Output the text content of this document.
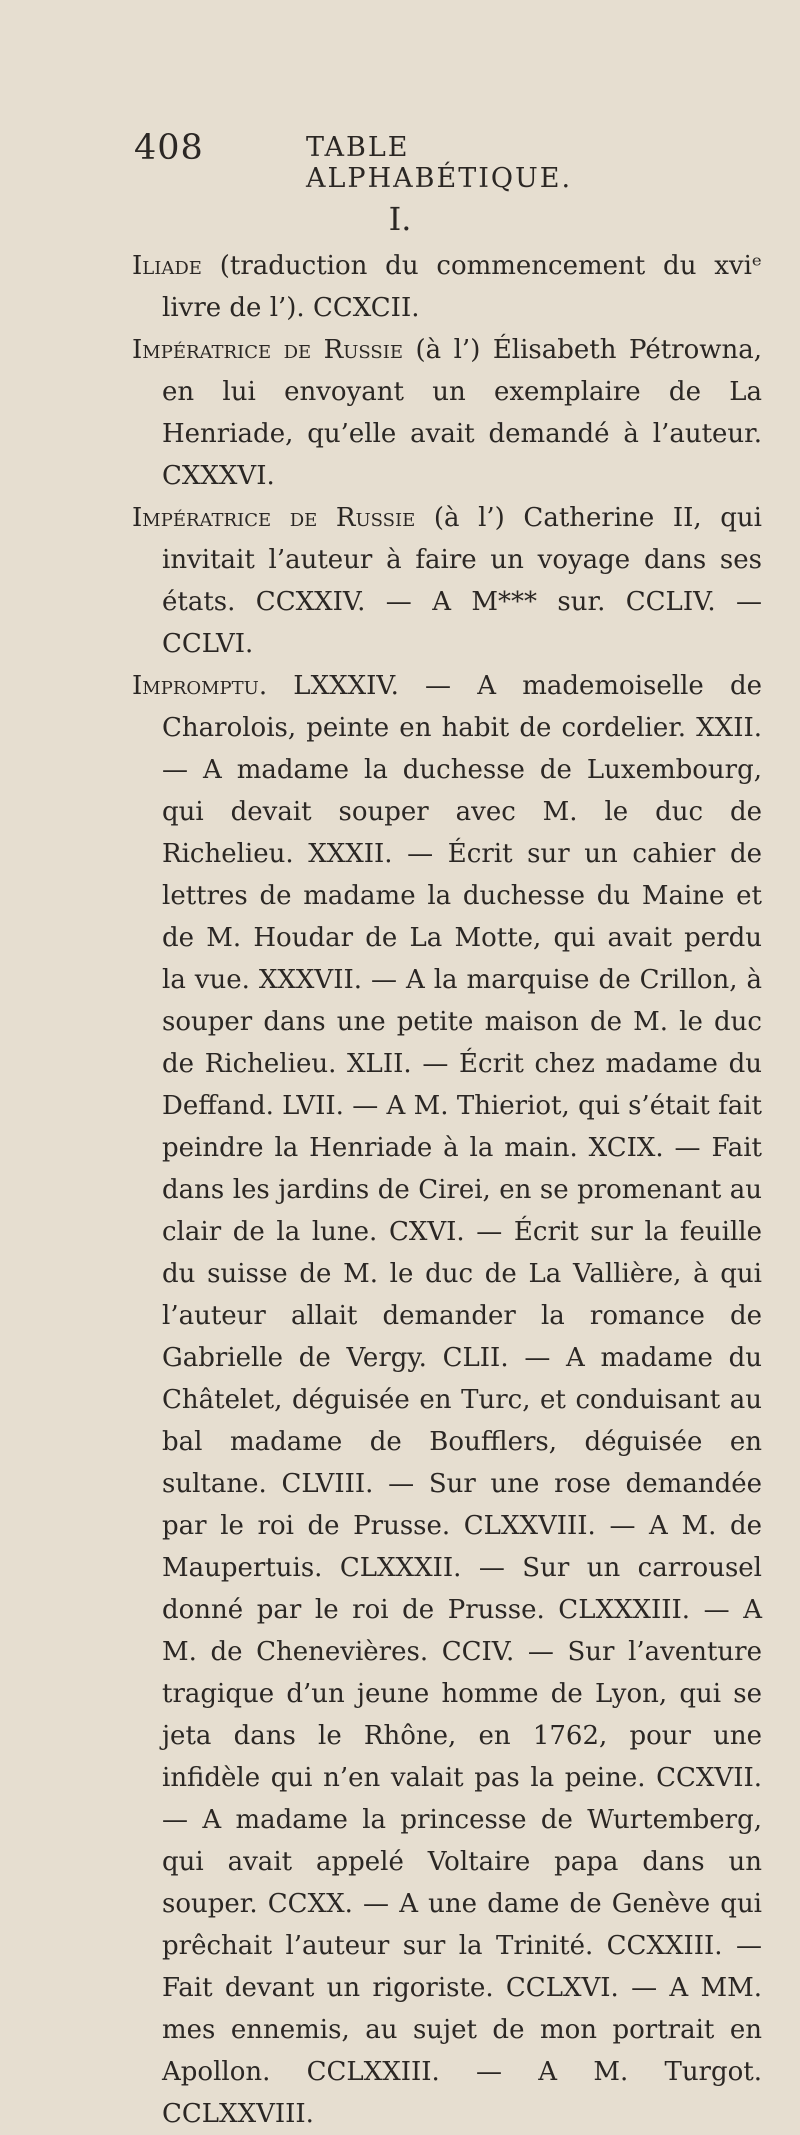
408	TABLE ALPHABÉTIQUE.
I.

Iliade (traduction du commencement du xviᵉ livre de l’). CCXCII.

Impératrice de Russie (à l’) Élisabeth Pétrowna, en lui envoyant un exemplaire de La Henriade, qu’elle avait demandé à l’auteur. CXXXVI.

Impératrice de Russie (à l’) Catherine II, qui invitait l’auteur à faire un voyage dans ses états. CCXXIV. — A M*** sur. CCLIV. — CCLVI.

Impromptu. LXXXIV. — A mademoiselle de Charolois, peinte en habit de cordelier. XXII. — A madame la duchesse de Luxembourg, qui devait souper avec M. le duc de Richelieu. XXXII. — Écrit sur un cahier de lettres de madame la duchesse du Maine et de M. Houdar de La Motte, qui avait perdu la vue. XXXVII. — A la marquise de Crillon, à souper dans une petite maison de M. le duc de Richelieu. XLII. — Écrit chez madame du Deffand. LVII. — A M. Thieriot, qui s’était fait peindre la Henriade à la main. XCIX. — Fait dans les jardins de Cirei, en se promenant au clair de la lune. CXVI. — Écrit sur la feuille du suisse de M. le duc de La Vallière, à qui l’auteur allait demander la romance de Gabrielle de Vergy. CLII. — A madame du Châtelet, déguisée en Turc, et conduisant au bal madame de Boufflers, déguisée en sultane. CLVIII. — Sur une rose demandée par le roi de Prusse. CLXXVIII. — A M. de Maupertuis. CLXXXII. — Sur un carrousel donné par le roi de Prusse. CLXXXIII. — A M. de Chenevières. CCIV. — Sur l’aventure tragique d’un jeune homme de Lyon, qui se jeta dans le Rhône, en 1762, pour une infidèle qui n’en valait pas la peine. CCXVII. — A madame la princesse de Wurtemberg, qui avait appelé Voltaire papa dans un souper. CCXX. — A une dame de Genève qui prêchait l’auteur sur la Trinité. CCXXIII. — Fait devant un rigoriste. CCLXVI. — A MM. mes ennemis, au sujet de mon portrait en Apollon. CCLXXIII. — A M. Turgot. CCLXXVIII.
